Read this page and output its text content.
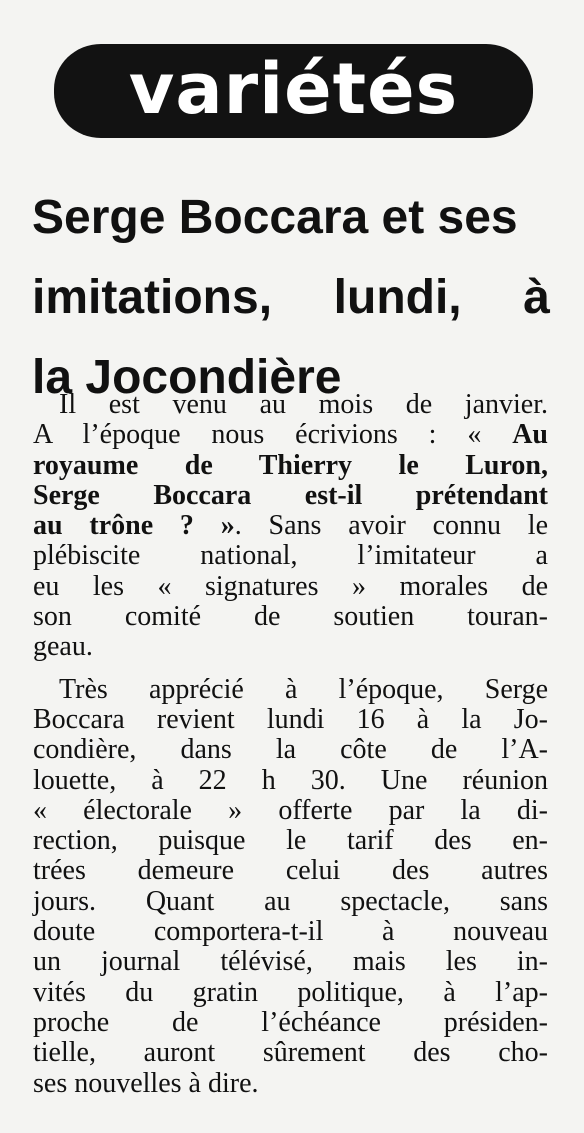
variétés
Serge Boccara et ses
imitations, lundi, à
la Jocondière
Il est venu au mois de janvier.
A l’époque nous écrivions : « Au
royaume de Thierry le Luron,
Serge Boccara est-il prétendant
au trône ? ». Sans avoir connu le
plébiscite national, l’imitateur a
eu les « signatures » morales de
son comité de soutien touran-
geau.
Très apprécié à l’époque, Serge
Boccara revient lundi 16 à la Jo-
condière, dans la côte de l’A-
louette, à 22 h 30. Une réunion
« électorale » offerte par la di-
rection, puisque le tarif des en-
trées demeure celui des autres
jours. Quant au spectacle, sans
doute comportera-t-il à nouveau
un journal télévisé, mais les in-
vités du gratin politique, à l’ap-
proche de l’échéance présiden-
tielle, auront sûrement des cho-
ses nouvelles à dire.
